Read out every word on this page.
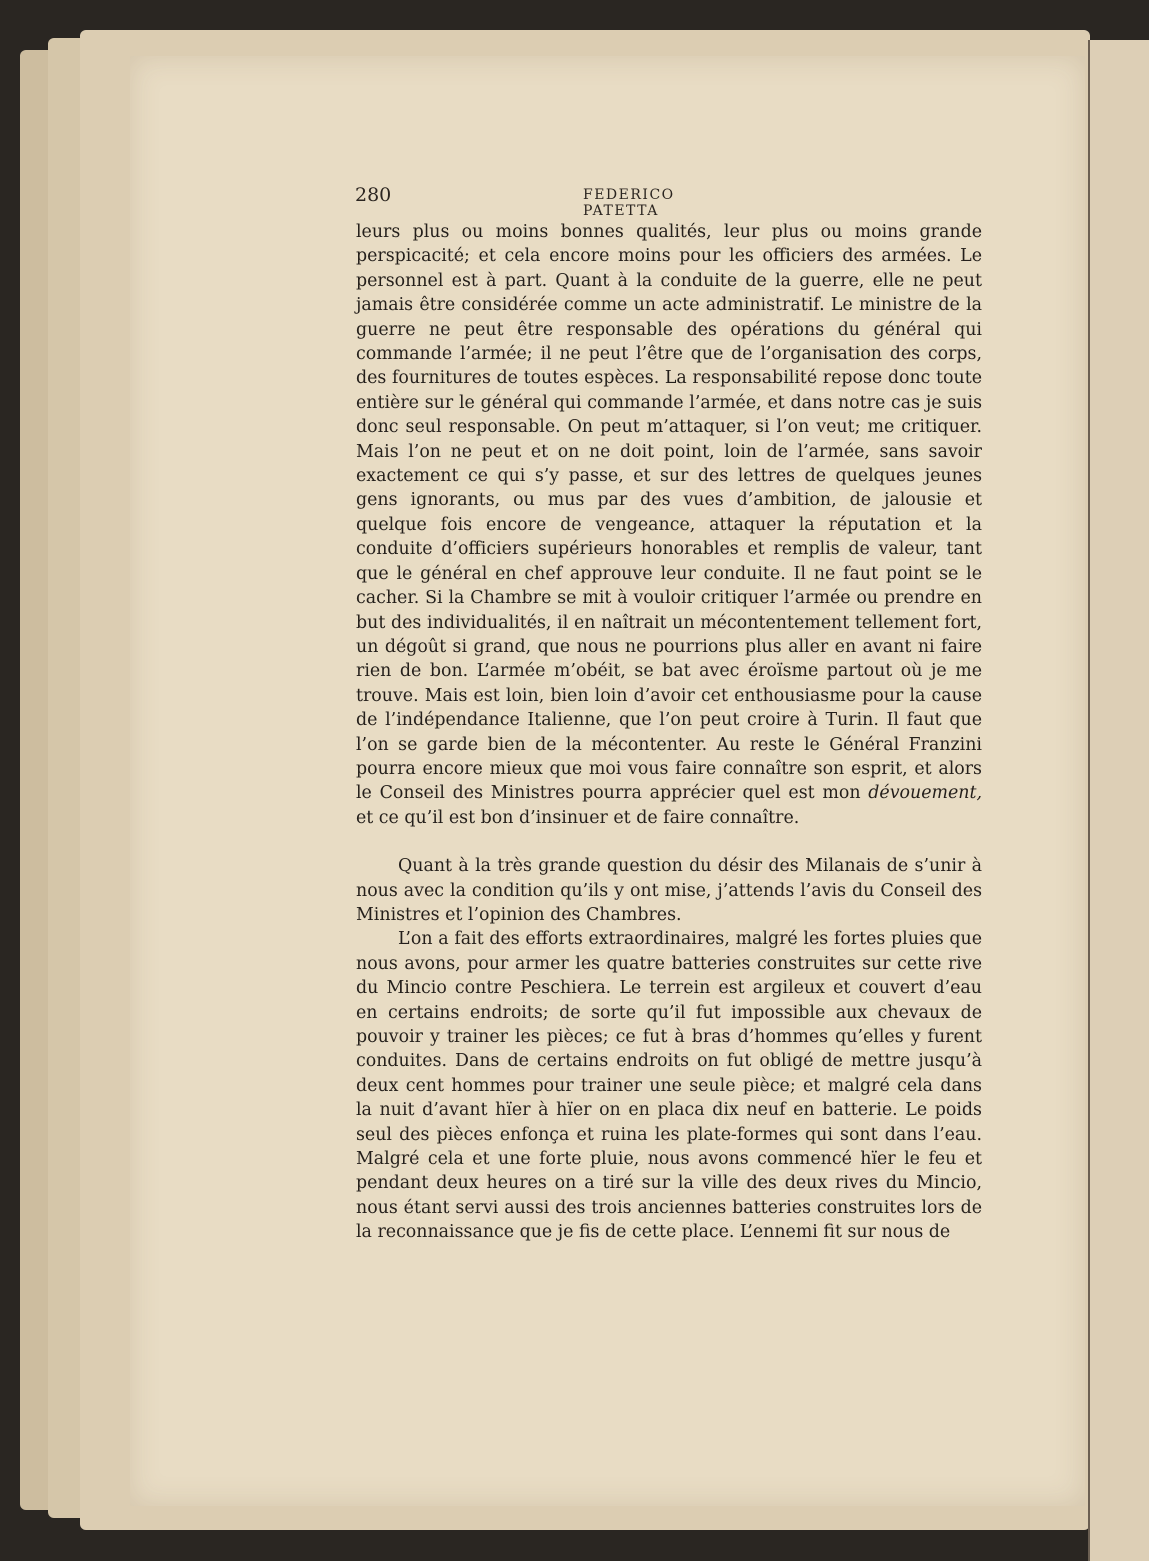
280	FEDERICO PATETTA

leurs plus ou moins bonnes qualités, leur plus ou moins grande perspicacité; et cela encore moins pour les officiers des armées. Le personnel est à part. Quant à la conduite de la guerre, elle ne peut jamais être considérée comme un acte administratif. Le ministre de la guerre ne peut être responsable des opérations du général qui commande l’armée; il ne peut l’être que de l’organisation des corps, des fournitures de toutes espèces. La responsabilité repose donc toute entière sur le général qui commande l’armée, et dans notre cas je suis donc seul responsable. On peut m’attaquer, si l’on veut; me critiquer. Mais l’on ne peut et on ne doit point, loin de l’armée, sans savoir exactement ce qui s’y passe, et sur des lettres de quelques jeunes gens ignorants, ou mus par des vues d’ambition, de jalousie et quelque fois encore de vengeance, attaquer la réputation et la conduite d’officiers supérieurs honorables et remplis de valeur, tant que le général en chef approuve leur conduite. Il ne faut point se le cacher. Si la Chambre se mit à vouloir critiquer l’armée ou prendre en but des individualités, il en naîtrait un mécontentement tellement fort, un dégoût si grand, que nous ne pourrions plus aller en avant ni faire rien de bon. L’armée m’obéit, se bat avec éroïsme partout où je me trouve. Mais est loin, bien loin d’avoir cet enthousiasme pour la cause de l’indépendance Italienne, que l’on peut croire à Turin. Il faut que l’on se garde bien de la mécontenter. Au reste le Général Franzini pourra encore mieux que moi vous faire connaître son esprit, et alors le Conseil des Ministres pourra apprécier quel est mon dévouement, et ce qu’il est bon d’insinuer et de faire connaître.

Quant à la très grande question du désir des Milanais de s’unir à nous avec la condition qu’ils y ont mise, j’attends l’avis du Conseil des Ministres et l’opinion des Chambres.

L’on a fait des efforts extraordinaires, malgré les fortes pluies que nous avons, pour armer les quatre batteries construites sur cette rive du Mincio contre Peschiera. Le terrein est argileux et couvert d’eau en certains endroits; de sorte qu’il fut impossible aux chevaux de pouvoir y trainer les pièces; ce fut à bras d’hommes qu’elles y furent conduites. Dans de certains endroits on fut obligé de mettre jusqu’à deux cent hommes pour trainer une seule pièce; et malgré cela dans la nuit d’avant hïer à hïer on en placa dix neuf en batterie. Le poids seul des pièces enfonça et ruina les plate-formes qui sont dans l’eau. Malgré cela et une forte pluie, nous avons commencé hïer le feu et pendant deux heures on a tiré sur la ville des deux rives du Mincio, nous étant servi aussi des trois anciennes batteries construites lors de la reconnaissance que je fis de cette place. L’ennemi fit sur nous de
